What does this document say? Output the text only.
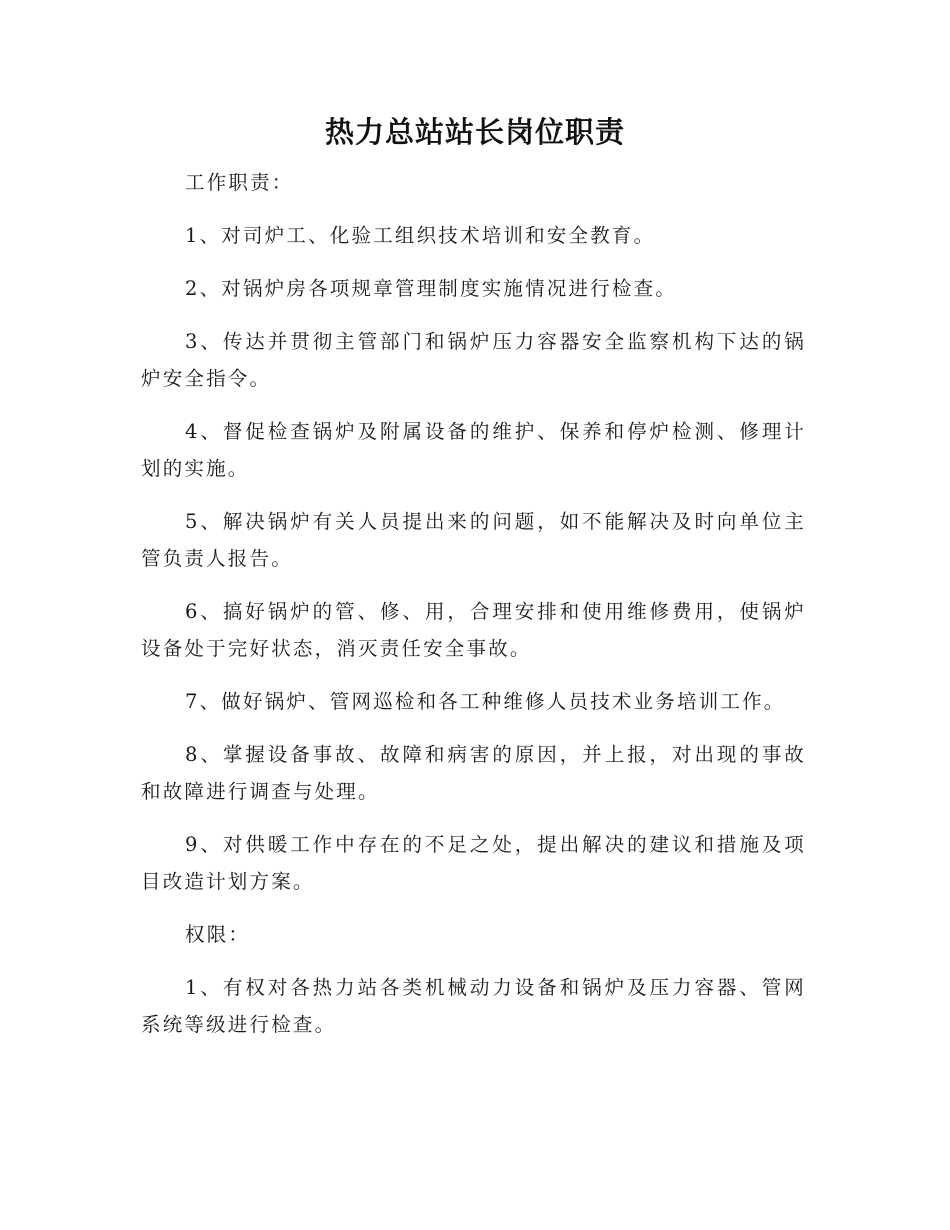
热力总站站长岗位职责

工作职责：

1、对司炉工、化验工组织技术培训和安全教育。

2、对锅炉房各项规章管理制度实施情况进行检查。

3、传达并贯彻主管部门和锅炉压力容器安全监察机构下达的锅炉安全指令。

4、督促检查锅炉及附属设备的维护、保养和停炉检测、修理计划的实施。

5、解决锅炉有关人员提出来的问题，如不能解决及时向单位主管负责人报告。

6、搞好锅炉的管、修、用，合理安排和使用维修费用，使锅炉设备处于完好状态，消灭责任安全事故。

7、做好锅炉、管网巡检和各工种维修人员技术业务培训工作。

8、掌握设备事故、故障和病害的原因，并上报，对出现的事故和故障进行调查与处理。

9、对供暖工作中存在的不足之处，提出解决的建议和措施及项目改造计划方案。

权限：

1、有权对各热力站各类机械动力设备和锅炉及压力容器、管网系统等级进行检查。
